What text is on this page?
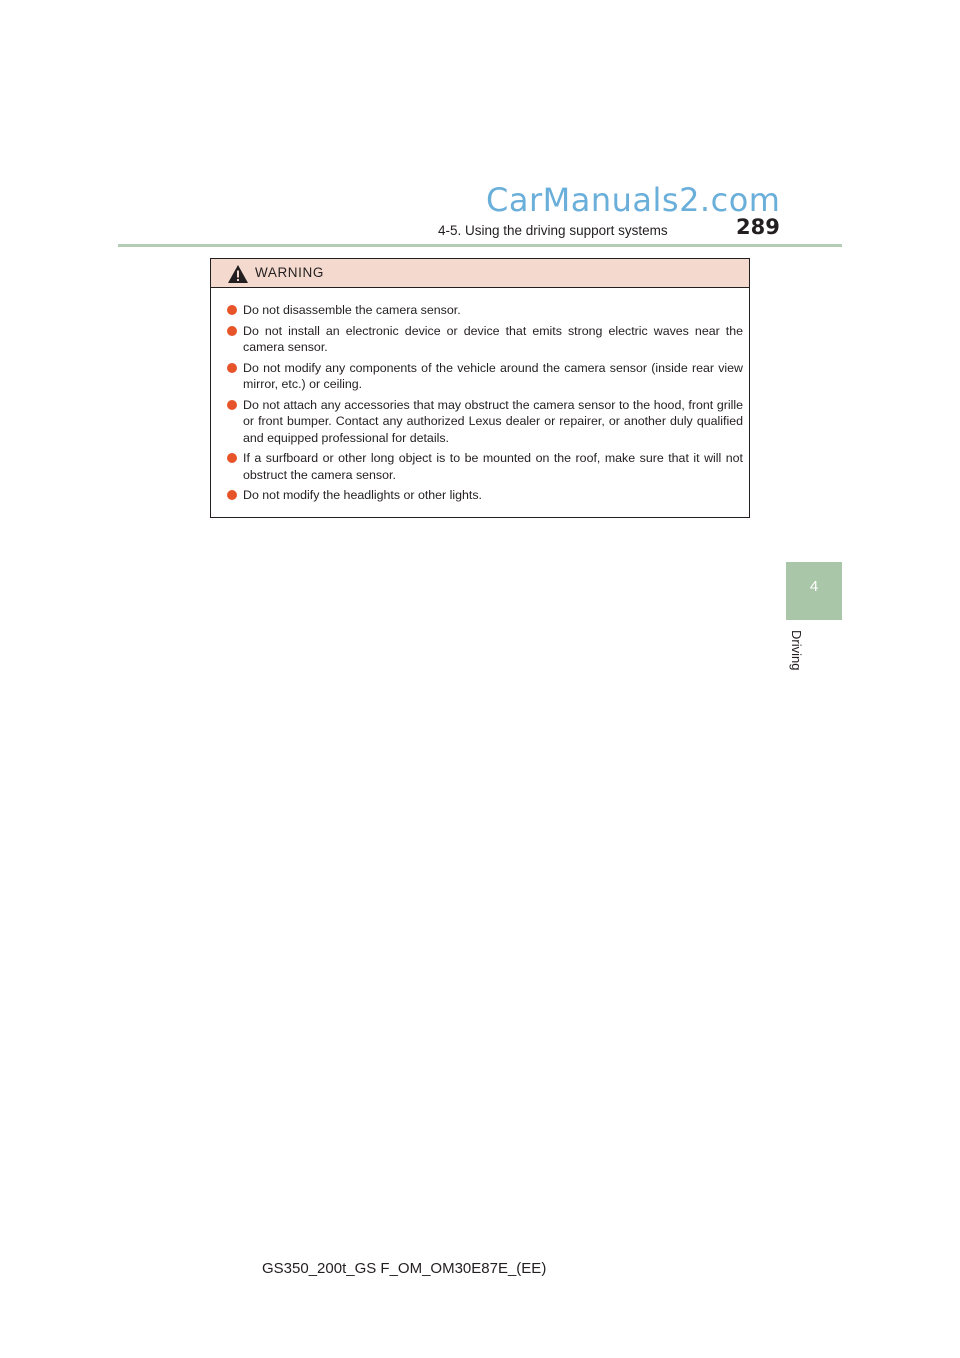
CarManuals2.com
4-5. Using the driving support systems	289
WARNING
Do not disassemble the camera sensor.
Do not install an electronic device or device that emits strong electric waves near the camera sensor.
Do not modify any components of the vehicle around the camera sensor (inside rear view mirror, etc.) or ceiling.
Do not attach any accessories that may obstruct the camera sensor to the hood, front grille or front bumper. Contact any authorized Lexus dealer or repairer, or another duly qualified and equipped professional for details.
If a surfboard or other long object is to be mounted on the roof, make sure that it will not obstruct the camera sensor.
Do not modify the headlights or other lights.
4
Driving
GS350_200t_GS F_OM_OM30E87E_(EE)
